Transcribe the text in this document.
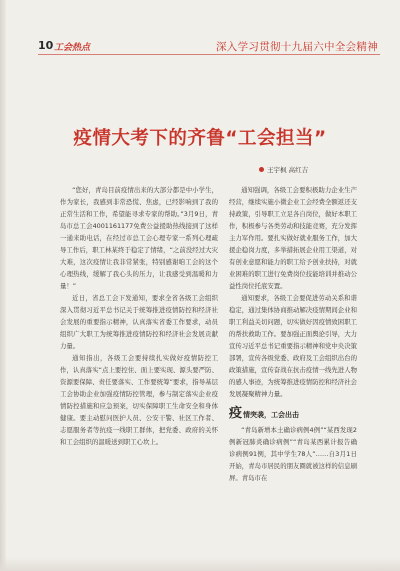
10 工会热点	深入学习贯彻十九届六中全会精神
疫情大考下的齐鲁“工会担当”
王宇枫 高红吉

“您好，青岛目前疫情出来的大部分都是中小学生，作为家长，我感到非常恐慌、焦虑，已经影响到了我的正常生活和工作，希望能寻求专家的帮助。”3月9日，青岛市总工会4001161177免费公益援助热线接到了这样一通来助电话，在经过市总工会心理专家一系列心理疏导工作后，职工林某终于稳定了情绪，“之前没经过大灾大难，这次疫情让我非常紧张，特别感谢咱工会的这个心理热线，缓解了我心头的压力，让我感受到温暖和力量！”

近日，省总工会下发通知，要求全省各级工会组织深入贯彻习近平总书记关于统筹推进疫情防控和经济社会发展的重要指示精神，认真落实省委工作要求，动员组织广大职工为统筹推进疫情防控和经济社会发展贡献力量。

通知指出，各级工会要持续扎实做好疫情防控工作，认真落实“点上要控住、面上要实现、源头要严防、资源要保障、责任要落实、工作要统筹”要求，指导基层工会协助企业加强疫情防控管理，参与制定落实企业疫情防控措施和应急预案，切实保障职工生命安全和身体健康。要主动慰问医护人员、公安干警、社区工作者、志愿服务者等抗疫一线职工群体，把党委、政府的关怀和工会组织的温暖送到职工心坎上。

通知强调，各级工会要积极助力企业生产经营，继续实施小微企业工会经费全额返还支持政策，引导职工立足各自岗位，做好本职工作，积极参与各类劳动和技能竞赛，充分发挥主力军作用。要扎实做好就业服务工作，加大援企稳岗力度，多举措拓展企业用工渠道，对有创业意愿和能力的职工给予创业扶持，对就业困难的职工进行免费岗位技能培训并推动公益性岗位托底安置。

通知要求，各级工会要促进劳动关系和谐稳定，通过集体协商推动解决疫情期间企业和职工利益关切问题，切实做好因疫情致困职工的帮扶救助工作。要加强正面舆论引导，大力宣传习近平总书记重要指示精神和党中央决策部署，宣传各级党委、政府及工会组织出台的政策措施，宣传奋战在抗击疫情一线先进人物的感人事迹，为统筹推进疫情防控和经济社会发展凝聚精神力量。

疫 情突袭，工会出击

“青岛新增本土确诊病例4例”“某西发现2例新冠肺炎确诊病例”“青岛某西累计报告确诊病例91例，其中学生78人”……自3月1日开始，青岛市居民的朋友圈就被这样的信息刷屏。青岛市在
